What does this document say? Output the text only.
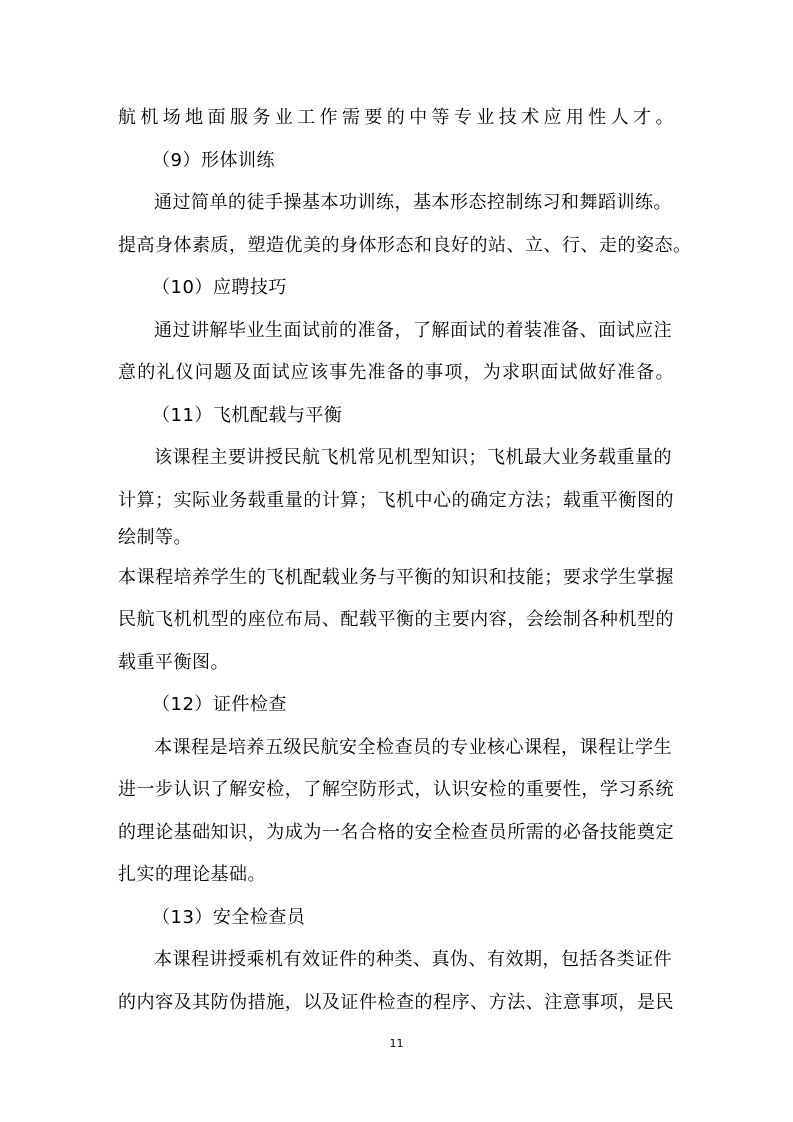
航机场地面服务业工作需要的中等专业技术应用性人才。
（9）形体训练
通过简单的徒手操基本功训练，基本形态控制练习和舞蹈训练。
提高身体素质，塑造优美的身体形态和良好的站、立、行、走的姿态。
（10）应聘技巧
通过讲解毕业生面试前的准备，了解面试的着装准备、面试应注
意的礼仪问题及面试应该事先准备的事项，为求职面试做好准备。
（11）飞机配载与平衡
该课程主要讲授民航飞机常见机型知识；飞机最大业务载重量的
计算；实际业务载重量的计算；飞机中心的确定方法；载重平衡图的
绘制等。
本课程培养学生的飞机配载业务与平衡的知识和技能；要求学生掌握
民航飞机机型的座位布局、配载平衡的主要内容，会绘制各种机型的
载重平衡图。
（12）证件检查
本课程是培养五级民航安全检查员的专业核心课程，课程让学生
进一步认识了解安检，了解空防形式，认识安检的重要性，学习系统
的理论基础知识，为成为一名合格的安全检查员所需的必备技能奠定
扎实的理论基础。
（13）安全检查员
本课程讲授乘机有效证件的种类、真伪、有效期，包括各类证件
的内容及其防伪措施，以及证件检查的程序、方法、注意事项，是民
11
